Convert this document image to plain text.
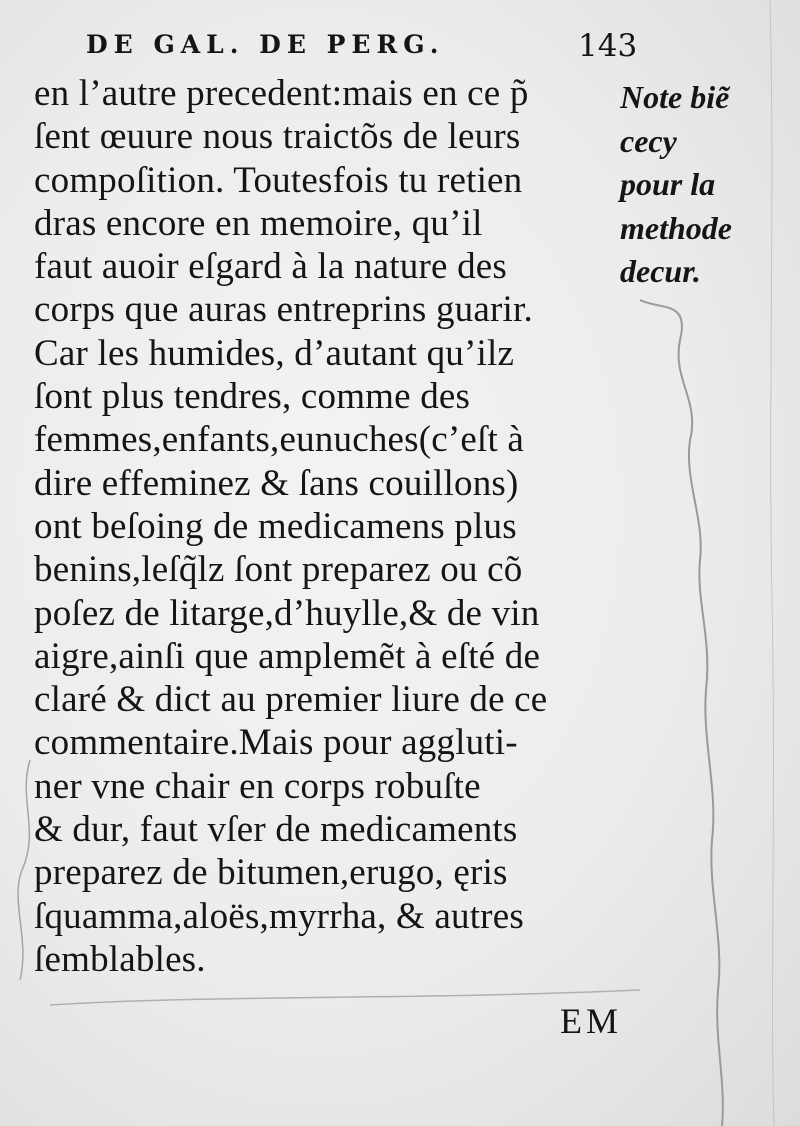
DE GAL. DE PERG.	143
en l’autre precedent:mais en ce p̃
ſent œuure nous traictõs de leurs
compoſition. Toutesfois tu retien
dras encore en memoire, qu’il
faut auoir eſgard à la nature des
corps que auras entreprins guarir.
Car les humides, d’autant qu’ilz
ſont plus tendres, comme des
femmes,enfants,eunuches(c’eſt à
dire effeminez & ſans couillons)
ont beſoing de medicamens plus
benins,leſq̃lz ſont preparez ou cõ
poſez de litarge,d’huylle,& de vin
aigre,ainſi que amplemẽt à eſté de
claré & dict au premier liure de ce
commentaire.Mais pour aggluti-
ner vne chair en corps robuſte
& dur, faut vſer de medicaments
preparez de bitumen,erugo, ęris
ſquamma,aloës,myrrha, & autres
ſemblables.
Note biẽ
cecy
pour la
methode
decur.
EM
